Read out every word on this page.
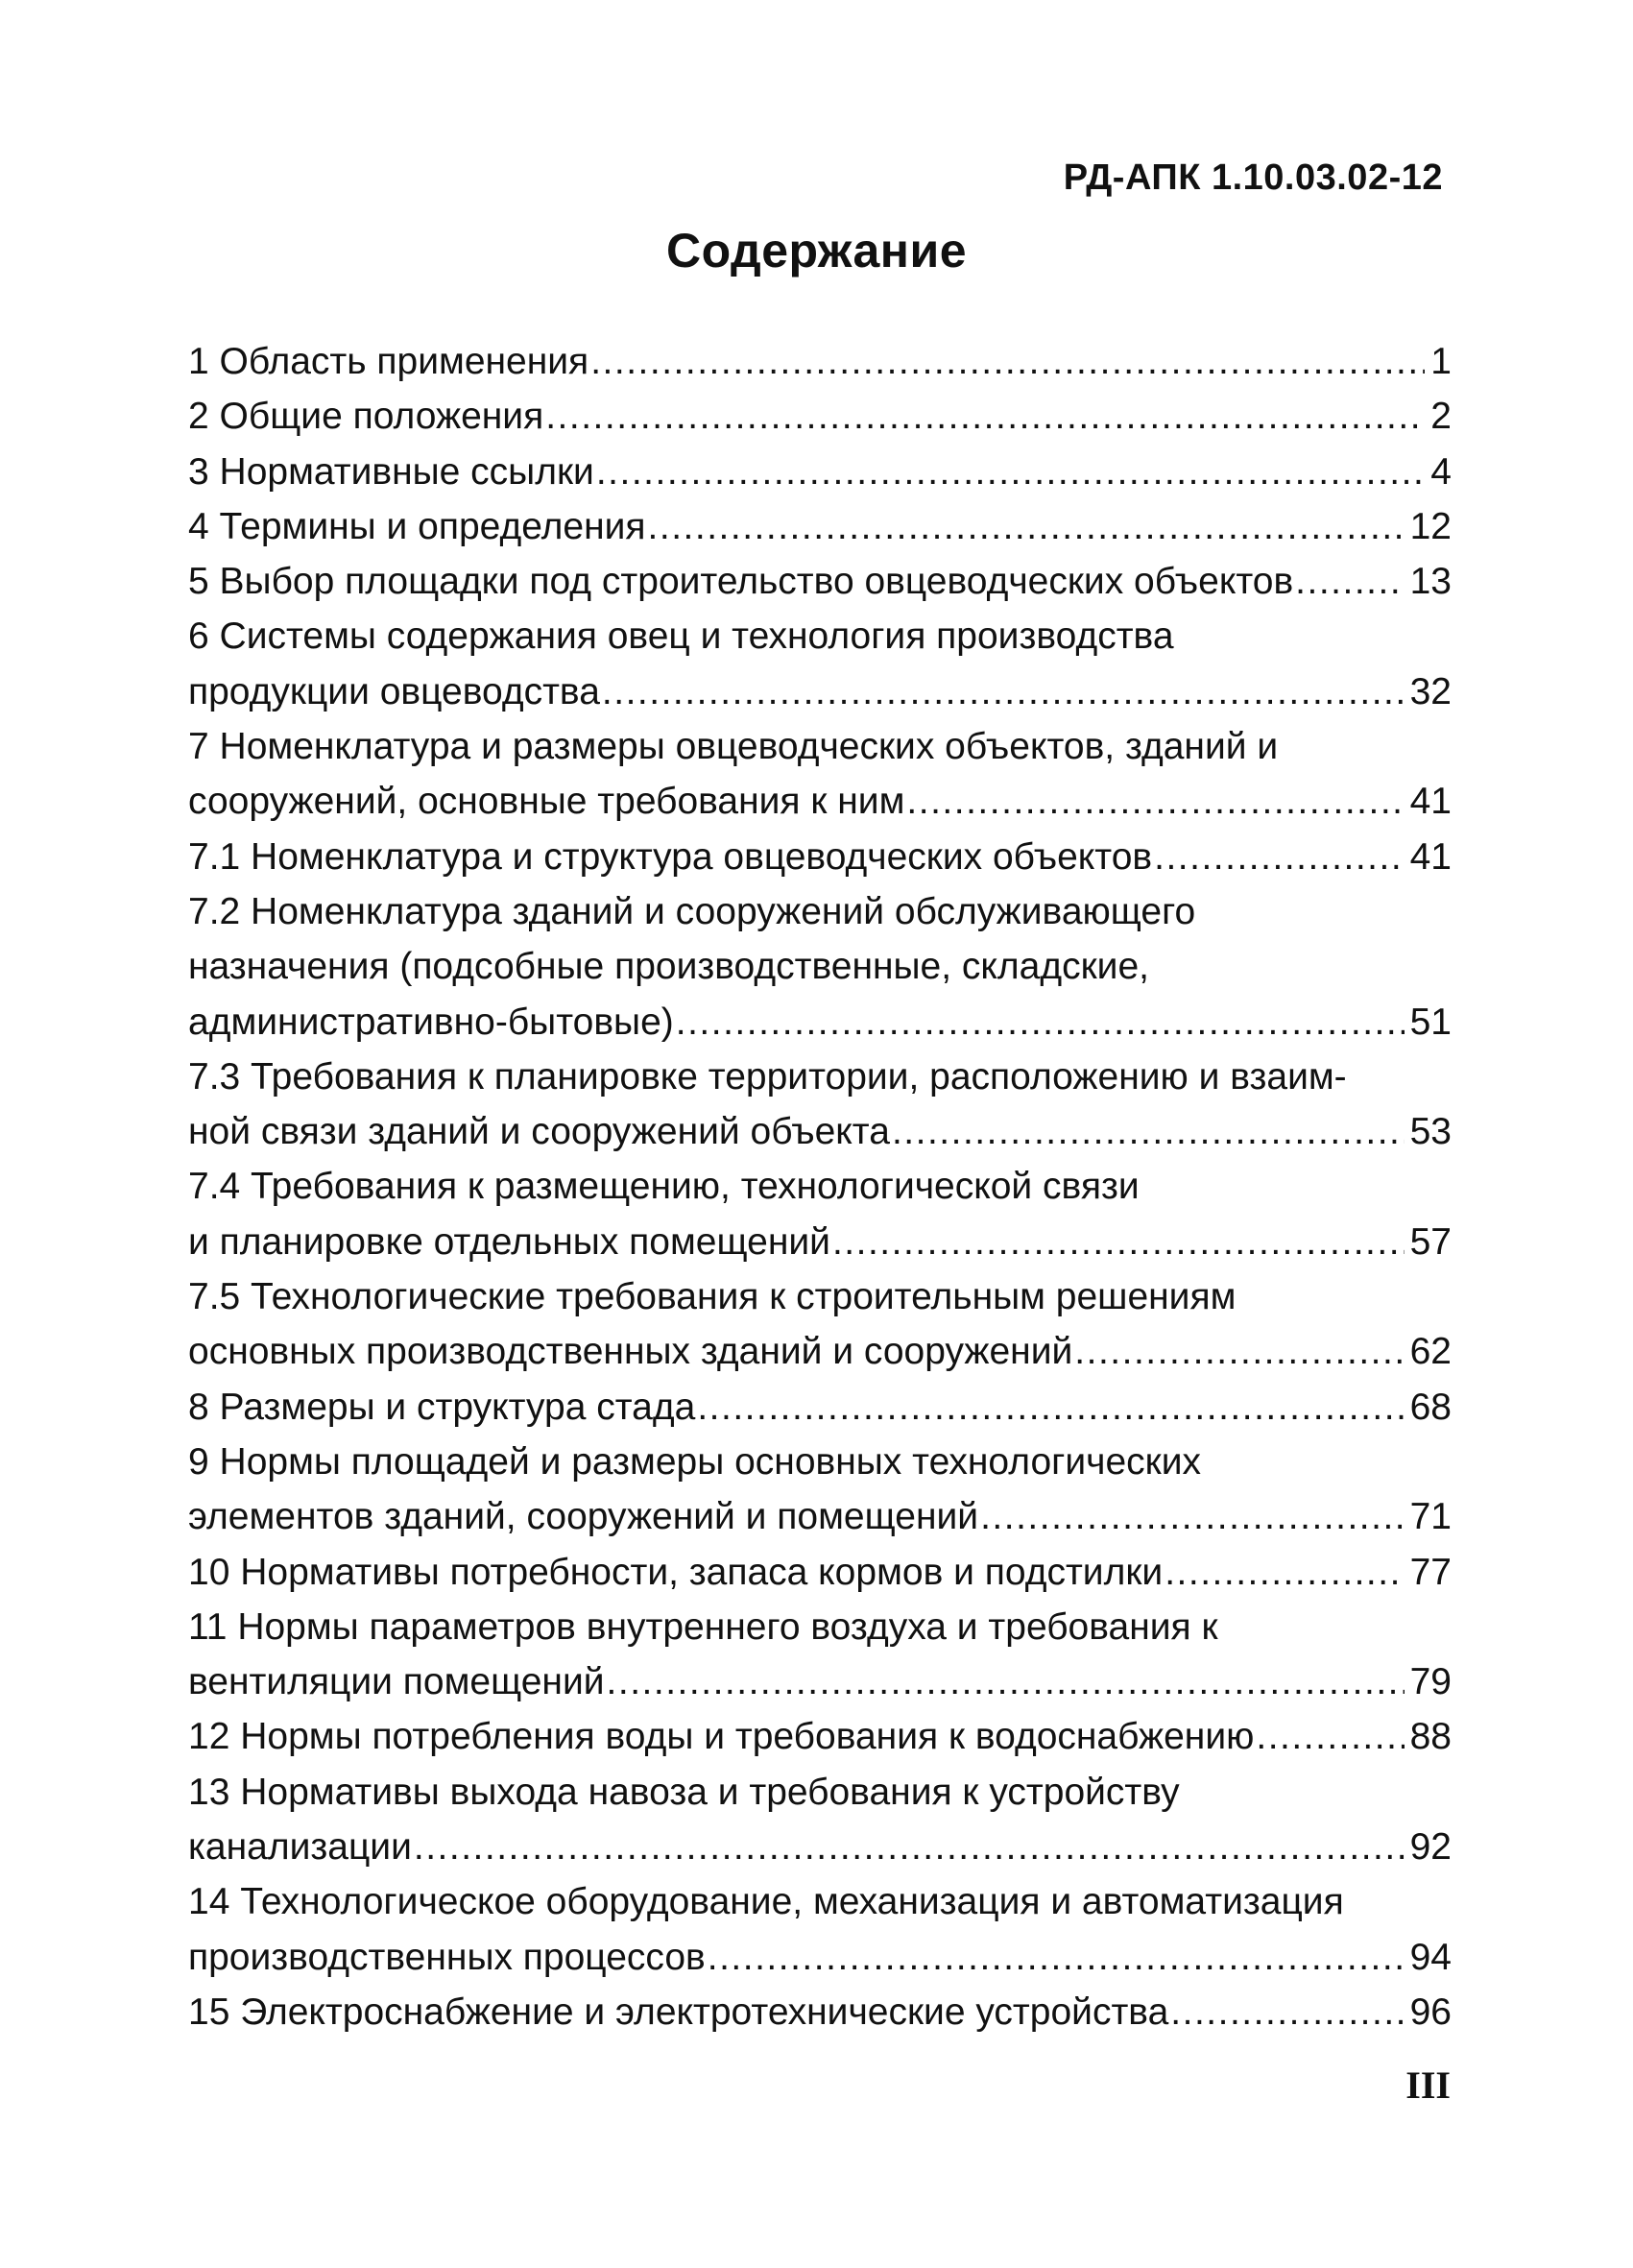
РД-АПК 1.10.03.02-12
Содержание
1 Область применения .....	1
2 Общие положения .....	2
3 Нормативные ссылки .....	4
4 Термины и определения .....	12
5 Выбор площадки под строительство овцеводческих объектов .....	13
6 Системы содержания овец и технология производства
продукции овцеводства .....	32
7 Номенклатура и размеры овцеводческих объектов, зданий и
сооружений, основные требования к ним .....	41
7.1 Номенклатура и структура овцеводческих объектов .....	41
7.2 Номенклатура зданий и сооружений обслуживающего
назначения (подсобные производственные, складские,
административно-бытовые) .....	51
7.3 Требования к планировке территории, расположению и взаим-
ной связи зданий и сооружений объекта .....	53
7.4 Требования к размещению, технологической связи
и планировке отдельных помещений .....	57
7.5 Технологические требования к строительным решениям
основных производственных зданий и сооружений .....	62
8 Размеры и структура стада .....	68
9 Нормы площадей и размеры основных технологических
элементов зданий, сооружений и помещений .....	71
10 Нормативы потребности, запаса кормов и подстилки .....	77
11 Нормы параметров внутреннего воздуха и требования к
вентиляции помещений .....	79
12 Нормы потребления воды и требования к водоснабжению .....	88
13 Нормативы выхода навоза и требования к устройству
канализации .....	92
14 Технологическое оборудование, механизация и автоматизация
производственных процессов .....	94
15 Электроснабжение и электротехнические устройства .....	96
III
